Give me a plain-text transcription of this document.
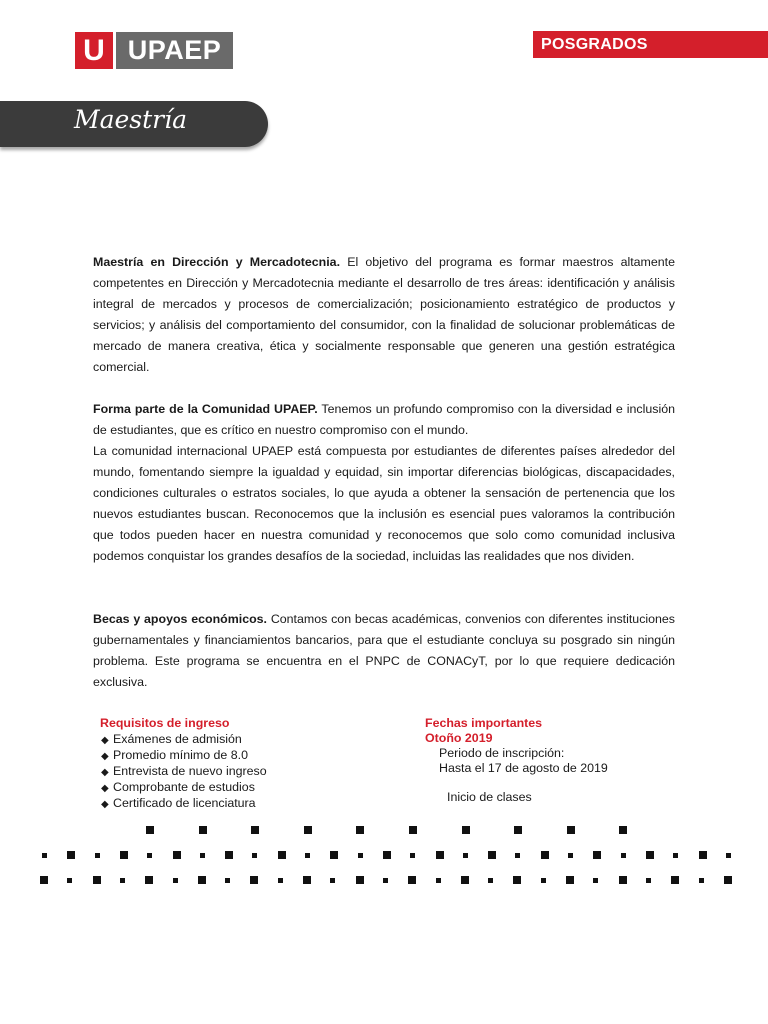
U UPAEP	POSGRADOS
Maestría
Maestría en Dirección y Mercadotecnia. El objetivo del programa es formar maestros altamente competentes en Dirección y Mercadotecnia mediante el desarrollo de tres áreas: identificación y análisis integral de mercados y procesos de comercialización; posicionamiento estratégico de productos y servicios; y análisis del comportamiento del consumidor, con la finalidad de solucionar problemáticas de mercado de manera creativa, ética y socialmente responsable que generen una gestión estratégica comercial.
Forma parte de la Comunidad UPAEP. Tenemos un profundo compromiso con la diversidad e inclusión de estudiantes, que es crítico en nuestro compromiso con el mundo.
La comunidad internacional UPAEP está compuesta por estudiantes de diferentes países alrededor del mundo, fomentando siempre la igualdad y equidad, sin importar diferencias biológicas, discapacidades, condiciones culturales o estratos sociales, lo que ayuda a obtener la sensación de pertenencia que los nuevos estudiantes buscan. Reconocemos que la inclusión es esencial pues valoramos la contribución que todos pueden hacer en nuestra comunidad y reconocemos que solo como comunidad inclusiva podemos conquistar los grandes desafíos de la sociedad, incluidas las realidades que nos dividen.
Becas y apoyos económicos. Contamos con becas académicas, convenios con diferentes instituciones gubernamentales y financiamientos bancarios, para que el estudiante concluya su posgrado sin ningún problema. Este programa se encuentra en el PNPC de CONACyT, por lo que requiere dedicación exclusiva.
Requisitos de ingreso
◆ Exámenes de admisión
◆ Promedio mínimo de 8.0
◆ Entrevista de nuevo ingreso
◆ Comprobante de estudios
◆ Certificado de licenciatura
Fechas importantes
Otoño 2019
Periodo de inscripción:
Hasta el 17 de agosto de 2019
Inicio de clases
